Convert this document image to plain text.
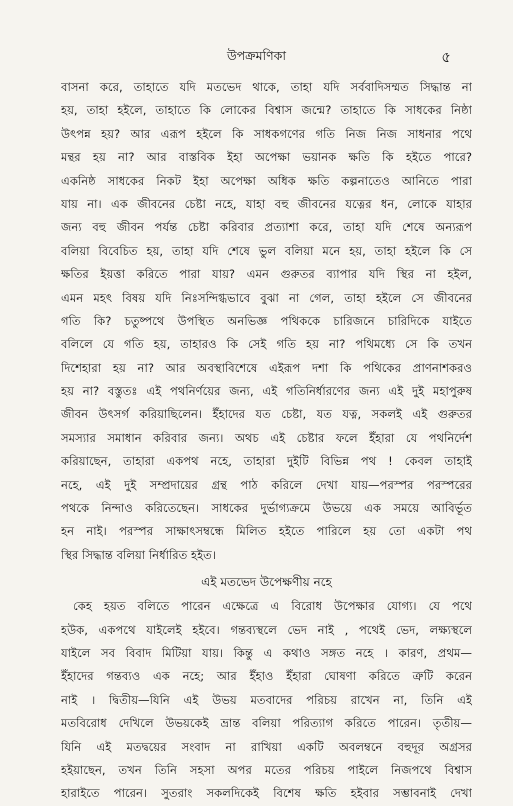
উপক্রমণিকা	৫
বাসনা করে, তাহাতে যদি মতভেদ থাকে, তাহা যদি সর্ববাদিসম্মত সিদ্ধান্ত না
হয়, তাহা হইলে, তাহাতে কি লোকের বিশ্বাস জন্মে? তাহাতে কি সাধকের নিষ্ঠা
উৎপন্ন হয়? আর এরূপ হইলে কি সাধকগণের গতি নিজ নিজ সাধনার পথে
মন্থর হয় না? আর বাস্তবিক ইহা অপেক্ষা ভয়ানক ক্ষতি কি হইতে পারে?
একনিষ্ঠ সাধকের নিকট ইহা অপেক্ষা অধিক ক্ষতি কল্পনাতেও আনিতে পারা
যায় না। এক জীবনের চেষ্টা নহে, যাহা বহু জীবনের যত্নের ধন, লোকে যাহার
জন্য বহু জীবন পর্যন্ত চেষ্টা করিবার প্রত্যাশা করে, তাহা যদি শেষে অন্যরূপ
বলিয়া বিবেচিত হয়, তাহা যদি শেষে ভুল বলিয়া মনে হয়, তাহা হইলে কি সে
ক্ষতির ইয়ত্তা করিতে পারা যায়? এমন গুরুতর ব্যাপার যদি স্থির না হইল,
এমন মহৎ বিষয় যদি নিঃসন্দিগ্ধভাবে বুঝা না গেল, তাহা হইলে সে জীবনের
গতি কি? চতুষ্পথে উপস্থিত অনভিজ্ঞ পথিককে চারিজনে চারিদিকে যাইতে
বলিলে যে গতি হয়, তাহারও কি সেই গতি হয় না? পথিমধ্যে সে কি তখন
দিশেহারা হয় না? আর অবস্থাবিশেষে এইরূপ দশা কি পথিকের প্রাণনাশকরও
হয় না? বস্তুতঃ এই পথনির্ণয়ের জন্য, এই গতিনির্ধারণের জন্য এই দুই মহাপুরুষ
জীবন উৎসর্গ করিয়াছিলেন। ইঁহাদের যত চেষ্টা, যত যত্ন, সকলই এই গুরুতর
সমস্যার সমাধান করিবার জন্য। অথচ এই চেষ্টার ফলে ইঁহারা যে পথনির্দেশ
করিয়াছেন, তাহারা একপথ নহে, তাহারা দুইটি বিভিন্ন পথ ! কেবল তাহাই
নহে, এই দুই সম্প্রদায়ের গ্রন্থ পাঠ করিলে দেখা যায়—পরস্পর পরস্পরের
পথকে নিন্দাও করিতেছেন। সাধকের দুর্ভাগ্যক্রমে উভয়ে এক সময়ে আবির্ভূত
হন নাই। পরস্পর সাক্ষাৎসম্বন্ধে মিলিত হইতে পারিলে হয় তো একটা পথ
স্থির সিদ্ধান্ত বলিয়া নির্ধারিত হইত।
এই মতভেদ উপেক্ষণীয় নহে
কেহ হয়ত বলিতে পারেন এক্ষেত্রে এ বিরোধ উপেক্ষার যোগ্য। যে পথে
হউক, একপথে যাইলেই হইবে। গন্তব্যস্থলে ভেদ নাই , পথেই ভেদ, লক্ষ্যস্থলে
যাইলে সব বিবাদ মিটিয়া যায়। কিন্তু এ কথাও সঙ্গত নহে । কারণ, প্রথম—
ইঁহাদের গন্তব্যও এক নহে; আর ইঁহাও ইঁহারা ঘোষণা করিতে ত্রুটি করেন
নাই । দ্বিতীয়—যিনি এই উভয় মতবাদের পরিচয় রাখেন না, তিনি এই
মতবিরোধ দেখিলে উভয়কেই ভ্রান্ত বলিয়া পরিত্যাগ করিতে পারেন। তৃতীয়—
যিনি এই মতদ্বয়ের সংবাদ না রাখিয়া একটি অবলম্বনে বহুদূর অগ্রসর
হইয়াছেন, তখন তিনি সহসা অপর মতের পরিচয় পাইলে নিজপথে বিশ্বাস
হারাইতে পারেন। সুতরাং সকলদিকেই বিশেষ ক্ষতি হইবার সম্ভাবনাই দেখা
